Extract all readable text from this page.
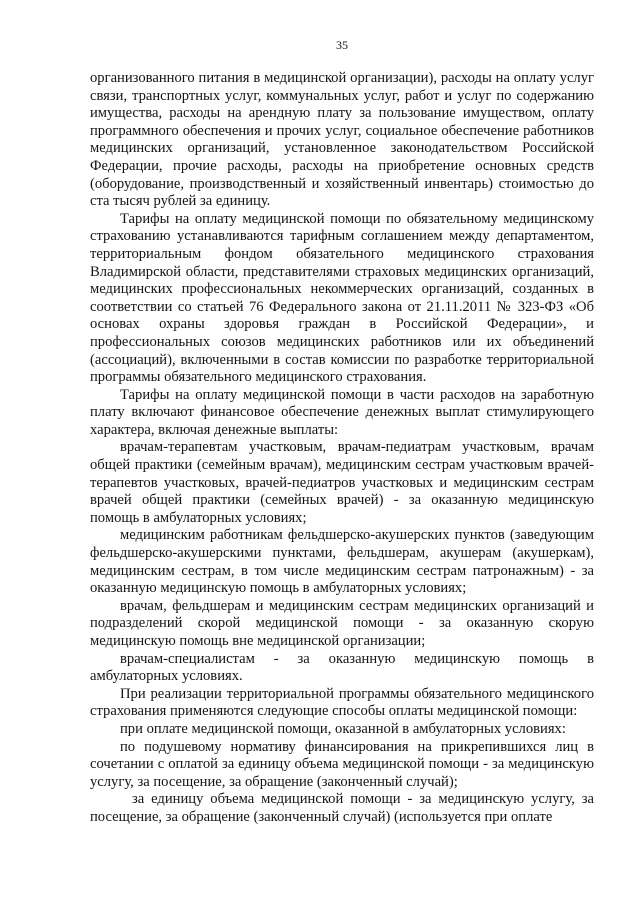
35

организованного питания в медицинской организации), расходы на оплату услуг связи, транспортных услуг, коммунальных услуг, работ и услуг по содержанию имущества, расходы на арендную плату за пользование имуществом, оплату программного обеспечения и прочих услуг, социальное обеспечение работников медицинских организаций, установленное законодательством Российской Федерации, прочие расходы, расходы на приобретение основных средств (оборудование, производственный и хозяйственный инвентарь) стоимостью до ста тысяч рублей за единицу.

Тарифы на оплату медицинской помощи по обязательному медицинскому страхованию устанавливаются тарифным соглашением между департаментом, территориальным фондом обязательного медицинского страхования Владимирской области, представителями страховых медицинских организаций, медицинских профессиональных некоммерческих организаций, созданных в соответствии со статьей 76 Федерального закона от 21.11.2011 № 323-ФЗ «Об основах охраны здоровья граждан в Российской Федерации», и профессиональных союзов медицинских работников или их объединений (ассоциаций), включенными в состав комиссии по разработке территориальной программы обязательного медицинского страхования.

Тарифы на оплату медицинской помощи в части расходов на заработную плату включают финансовое обеспечение денежных выплат стимулирующего характера, включая денежные выплаты:

врачам-терапевтам участковым, врачам-педиатрам участковым, врачам общей практики (семейным врачам), медицинским сестрам участковым врачей-терапевтов участковых, врачей-педиатров участковых и медицинским сестрам врачей общей практики (семейных врачей) - за оказанную медицинскую помощь в амбулаторных условиях;

медицинским работникам фельдшерско-акушерских пунктов (заведующим фельдшерско-акушерскими пунктами, фельдшерам, акушерам (акушеркам), медицинским сестрам, в том числе медицинским сестрам патронажным) - за оказанную медицинскую помощь в амбулаторных условиях;

врачам, фельдшерам и медицинским сестрам медицинских организаций и подразделений скорой медицинской помощи - за оказанную скорую медицинскую помощь вне медицинской организации;

врачам-специалистам - за оказанную медицинскую помощь в амбулаторных условиях.

При реализации территориальной программы обязательного медицинского страхования применяются следующие способы оплаты медицинской помощи:

при оплате медицинской помощи, оказанной в амбулаторных условиях:

по подушевому нормативу финансирования на прикрепившихся лиц в сочетании с оплатой за единицу объема медицинской помощи - за медицинскую услугу, за посещение, за обращение (законченный случай);

за единицу объема медицинской помощи - за медицинскую услугу, за посещение, за обращение (законченный случай) (используется при оплате
